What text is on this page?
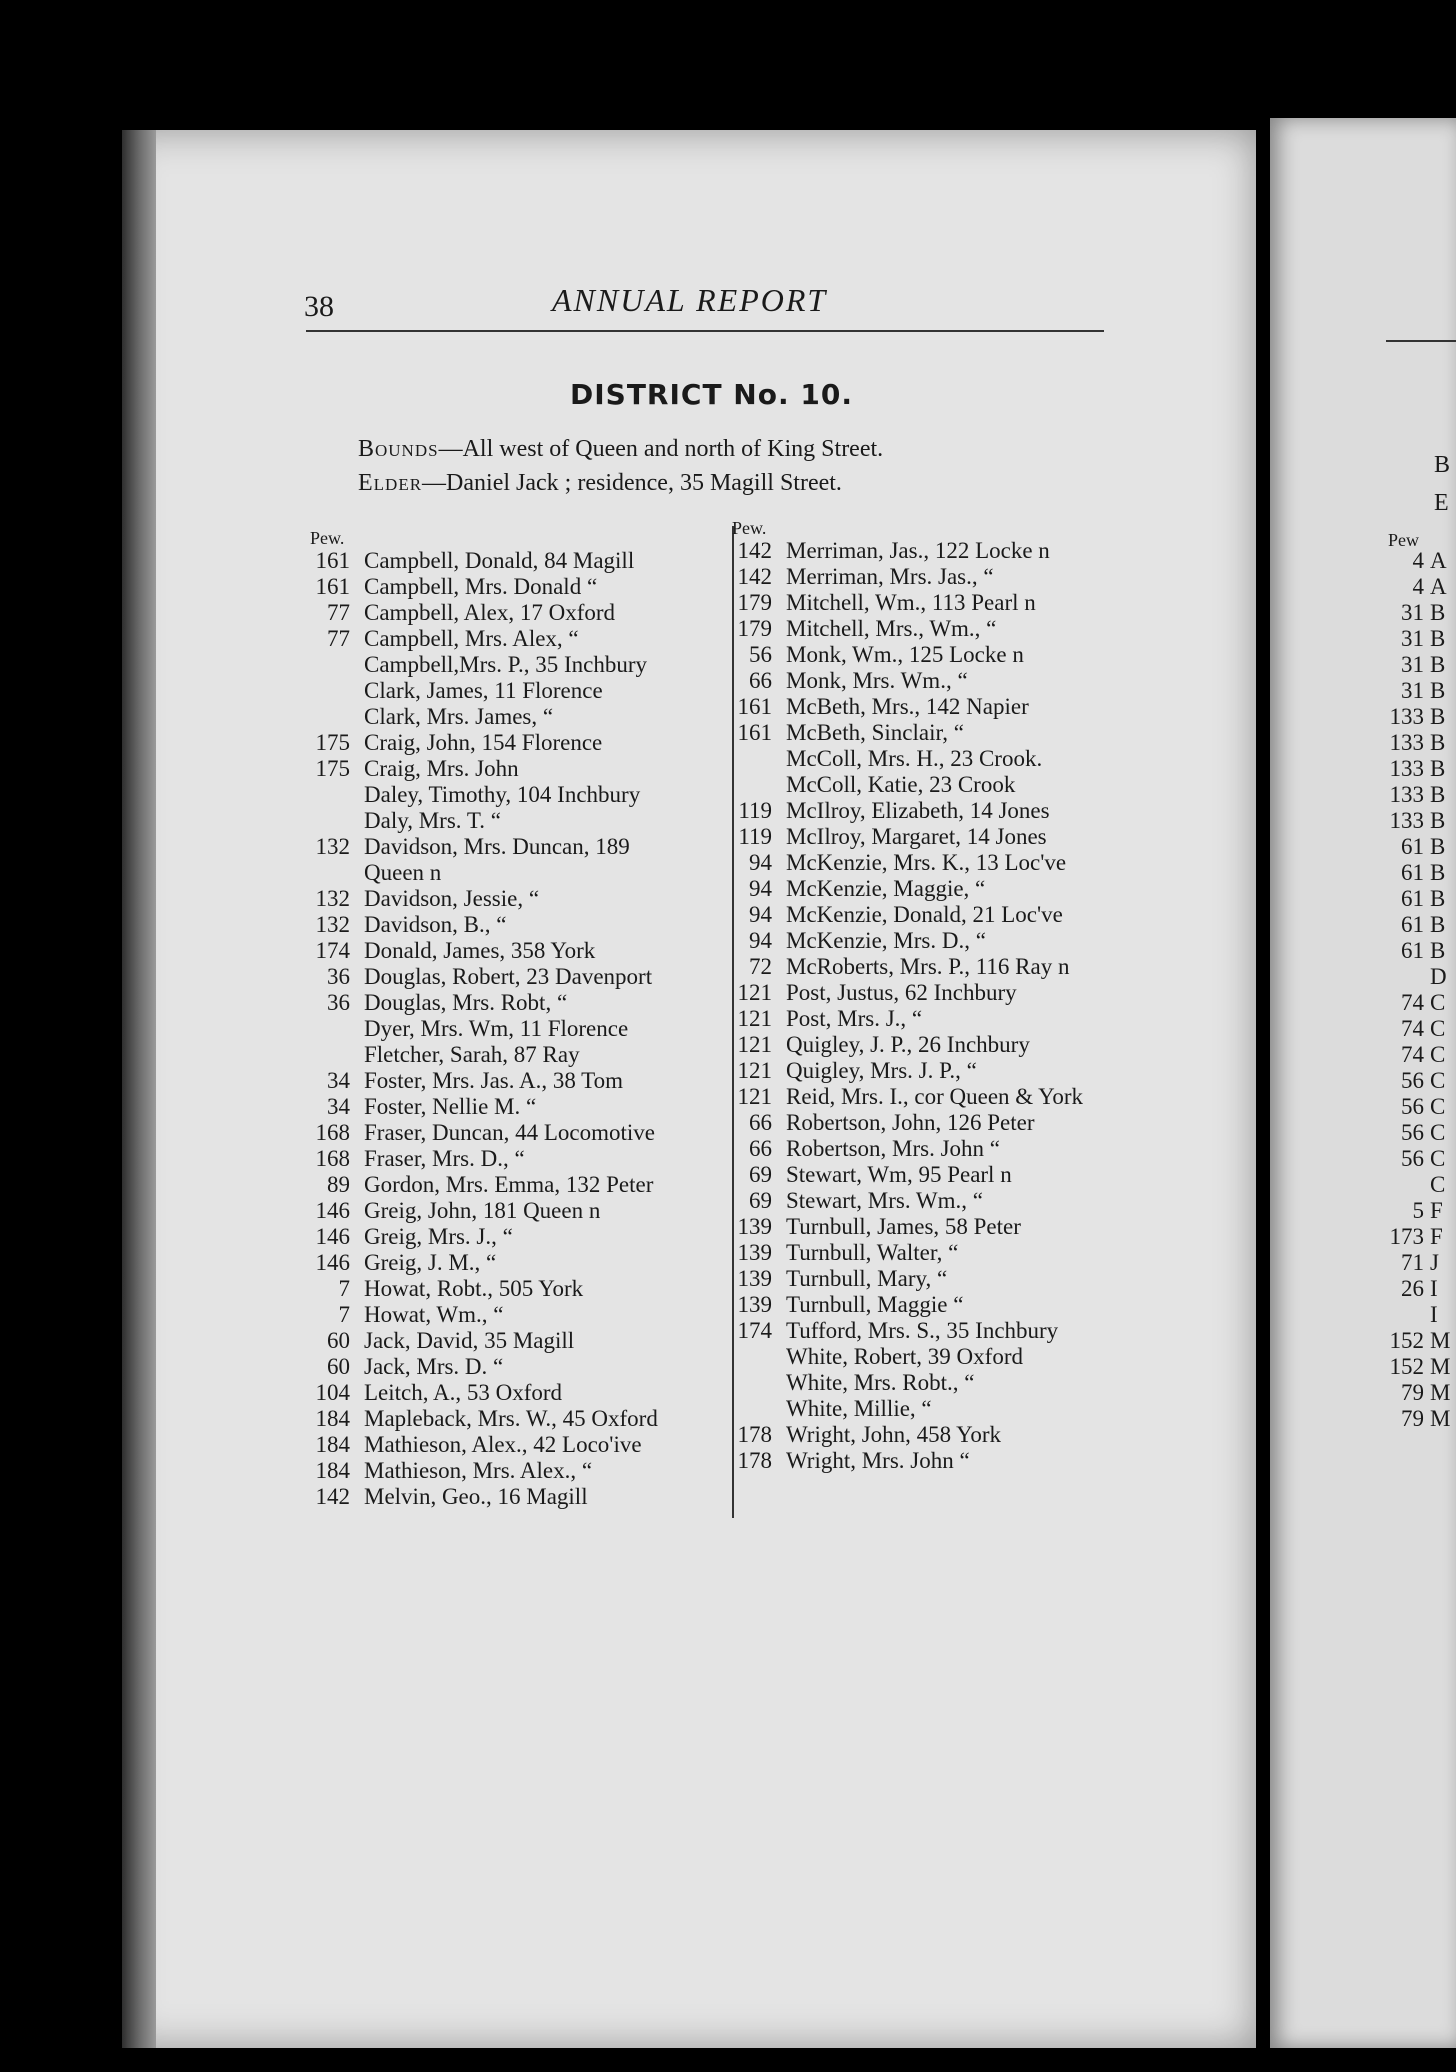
38	ANNUAL REPORT
DISTRICT No. 10.
Bounds—All west of Queen and north of King Street.
Elder—Daniel Jack ; residence, 35 Magill Street.
Pew.
161 Campbell, Donald, 84 Magill
161 Campbell, Mrs. Donald “
77 Campbell, Alex, 17 Oxford
77 Campbell, Mrs. Alex, “
Campbell,Mrs. P., 35 Inchbury
Clark, James, 11 Florence
Clark, Mrs. James, “
175 Craig, John, 154 Florence
175 Craig, Mrs. John
Daley, Timothy, 104 Inchbury
Daly, Mrs. T. “
132 Davidson, Mrs. Duncan, 189
Queen n
132 Davidson, Jessie, “
132 Davidson, B., “
174 Donald, James, 358 York
36 Douglas, Robert, 23 Davenport
36 Douglas, Mrs. Robt, “
Dyer, Mrs. Wm, 11 Florence
Fletcher, Sarah, 87 Ray
34 Foster, Mrs. Jas. A., 38 Tom
34 Foster, Nellie M. “
168 Fraser, Duncan, 44 Locomotive
168 Fraser, Mrs. D., “
89 Gordon, Mrs. Emma, 132 Peter
146 Greig, John, 181 Queen n
146 Greig, Mrs. J., “
146 Greig, J. M., “
7 Howat, Robt., 505 York
7 Howat, Wm., “
60 Jack, David, 35 Magill
60 Jack, Mrs. D. “
104 Leitch, A., 53 Oxford
184 Mapleback, Mrs. W., 45 Oxford
184 Mathieson, Alex., 42 Loco'ive
184 Mathieson, Mrs. Alex., “
142 Melvin, Geo., 16 Magill
Pew.
142 Merriman, Jas., 122 Locke n
142 Merriman, Mrs. Jas., “
179 Mitchell, Wm., 113 Pearl n
179 Mitchell, Mrs., Wm., “
56 Monk, Wm., 125 Locke n
66 Monk, Mrs. Wm., “
161 McBeth, Mrs., 142 Napier
161 McBeth, Sinclair, “
McColl, Mrs. H., 23 Crook.
McColl, Katie, 23 Crook
119 McIlroy, Elizabeth, 14 Jones
119 McIlroy, Margaret, 14 Jones
94 McKenzie, Mrs. K., 13 Loc've
94 McKenzie, Maggie, “
94 McKenzie, Donald, 21 Loc've
94 McKenzie, Mrs. D., “
72 McRoberts, Mrs. P., 116 Ray n
121 Post, Justus, 62 Inchbury
121 Post, Mrs. J., “
121 Quigley, J. P., 26 Inchbury
121 Quigley, Mrs. J. P., “
121 Reid, Mrs. I., cor Queen & York
66 Robertson, John, 126 Peter
66 Robertson, Mrs. John “
69 Stewart, Wm, 95 Pearl n
69 Stewart, Mrs. Wm., “
139 Turnbull, James, 58 Peter
139 Turnbull, Walter, “
139 Turnbull, Mary, “
139 Turnbull, Maggie “
174 Tufford, Mrs. S., 35 Inchbury
White, Robert, 39 Oxford
White, Mrs. Robt., “
White, Millie, “
178 Wright, John, 458 York
178 Wright, Mrs. John “
B
E
Pew
4 A
4 A
31 B
31 B
31 B
31 B
133 B
133 B
133 B
133 B
133 B
61 B
61 B
61 B
61 B
61 B
D
74 C
74 C
74 C
56 C
56 C
56 C
56 C
C
5 F
173 F
71 J
26 I
I
152 M
152 M
79 M
79 M
